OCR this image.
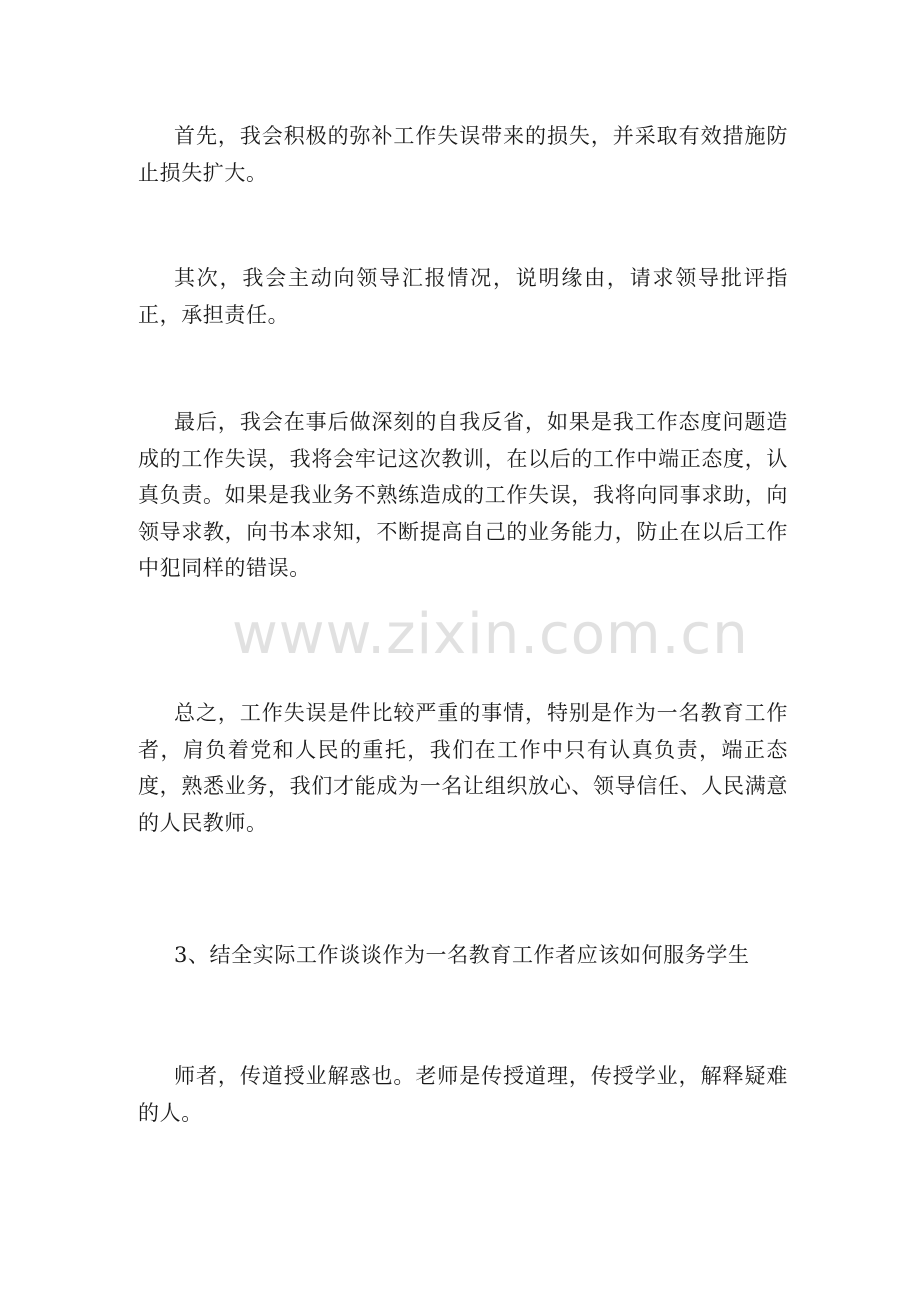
首先，我会积极的弥补工作失误带来的损失，并采取有效措施防止损失扩大。

其次，我会主动向领导汇报情况，说明缘由，请求领导批评指正，承担责任。

最后，我会在事后做深刻的自我反省，如果是我工作态度问题造成的工作失误，我将会牢记这次教训，在以后的工作中端正态度，认真负责。如果是我业务不熟练造成的工作失误，我将向同事求助，向领导求教，向书本求知，不断提高自己的业务能力，防止在以后工作中犯同样的错误。

总之，工作失误是件比较严重的事情，特别是作为一名教育工作者，肩负着党和人民的重托，我们在工作中只有认真负责，端正态度，熟悉业务，我们才能成为一名让组织放心、领导信任、人民满意的人民教师。

3、结全实际工作谈谈作为一名教育工作者应该如何服务学生

师者，传道授业解惑也。老师是传授道理，传授学业，解释疑难的人。

www.zixin.com.cn
